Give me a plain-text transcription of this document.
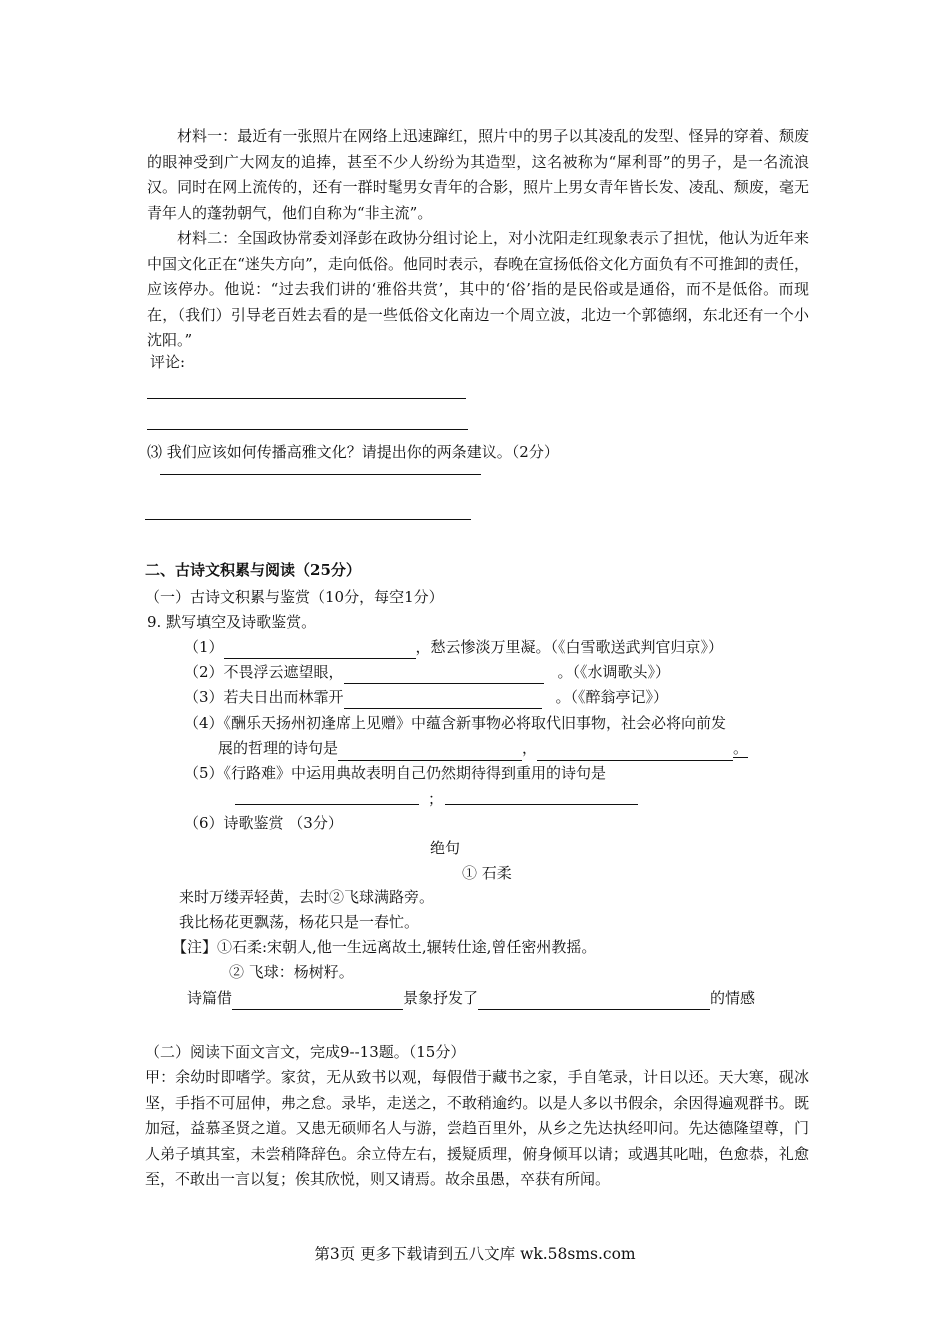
材料一：最近有一张照片在网络上迅速蹿红，照片中的男子以其凌乱的发型、怪异的穿着、颓废的眼神受到广大网友的追捧，甚至不少人纷纷为其造型，这名被称为“犀利哥”的男子，是一名流浪汉。同时在网上流传的，还有一群时髦男女青年的合影，照片上男女青年皆长发、凌乱、颓废，毫无青年人的蓬勃朝气，他们自称为“非主流”。
材料二：全国政协常委刘泽彭在政协分组讨论上，对小沈阳走红现象表示了担忧，他认为近年来中国文化正在“迷失方向”，走向低俗。他同时表示，春晚在宣扬低俗文化方面负有不可推卸的责任，应该停办。他说：“过去我们讲的‘雅俗共赏’，其中的‘俗’指的是民俗或是通俗，而不是低俗。而现在，（我们）引导老百姓去看的是一些低俗文化南边一个周立波，北边一个郭德纲，东北还有一个小沈阳。”
评论:
⑶ 我们应该如何传播高雅文化？请提出你的两条建议。（2分）
二、古诗文积累与阅读（25分）
（一）古诗文积累与鉴赏（10分，每空1分）
9. 默写填空及诗歌鉴赏。
（1）	，愁云惨淡万里凝。（《白雪歌送武判官归京》）
（2）不畏浮云遮望眼，	。（《水调歌头》）
（3）若夫日出而林霏开	。（《醉翁亭记》）
（4）《酬乐天扬州初逢席上见赠》中蕴含新事物必将取代旧事物，社会必将向前发
展的哲理的诗句是	，	。
（5）《行路难》中运用典故表明自己仍然期待得到重用的诗句是
；
（6）诗歌鉴赏 （3分）
绝句
① 石柔
来时万缕弄轻黄，去时②飞球满路旁。
我比杨花更飘荡，杨花只是一春忙。
【注】①石柔:宋朝人,他一生远离故土,辗转仕途,曾任密州教摇。
② 飞球：杨树籽。
诗篇借	景象抒发了	的情感
（二）阅读下面文言文，完成9--13题。（15分）
甲：余幼时即嗜学。家贫，无从致书以观，每假借于藏书之家，手自笔录，计日以还。天大寒，砚冰坚，手指不可屈伸，弗之怠。录毕，走送之，不敢稍逾约。以是人多以书假余，余因得遍观群书。既加冠，益慕圣贤之道。又患无硕师名人与游，尝趋百里外，从乡之先达执经叩问。先达德隆望尊，门人弟子填其室，未尝稍降辞色。余立侍左右，援疑质理，俯身倾耳以请；或遇其叱咄，色愈恭，礼愈至，不敢出一言以复；俟其欣悦，则又请焉。故余虽愚，卒获有所闻。
第3页 更多下载请到五八文库 wk.58sms.com
